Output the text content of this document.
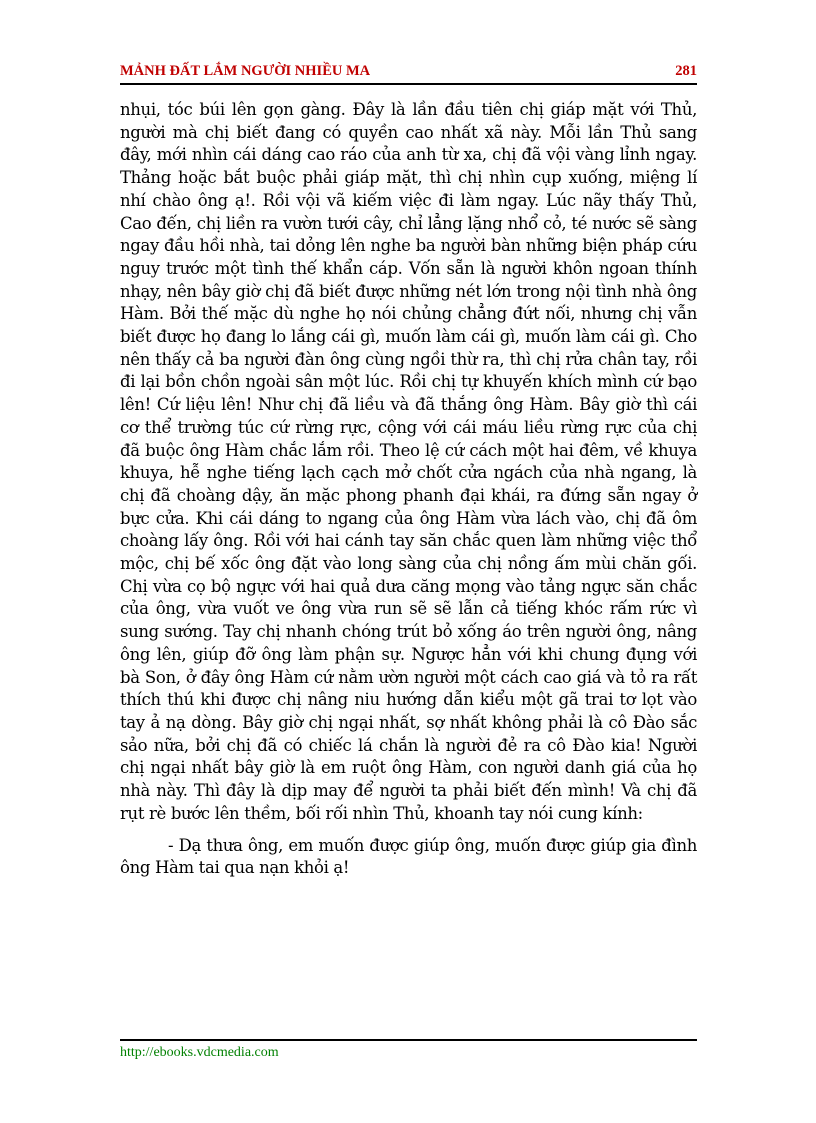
MẢNH ĐẤT LẮM NGƯỜI NHIỀU MA	281

nhụi, tóc búi lên gọn gàng. Đây là lần đầu tiên chị giáp mặt với Thủ, người mà chị biết đang có quyền cao nhất xã này. Mỗi lần Thủ sang đây, mới nhìn cái dáng cao ráo của anh từ xa, chị đã vội vàng lỉnh ngay. Thảng hoặc bắt buộc phải giáp mặt, thì chị nhìn cụp xuống, miệng lí nhí chào ông ạ!. Rồi vội vã kiếm việc đi làm ngay. Lúc nãy thấy Thủ, Cao đến, chị liền ra vườn tưới cây, chỉ lẳng lặng nhổ cỏ, té nước sẽ sàng ngay đầu hồi nhà, tai dỏng lên nghe ba người bàn những biện pháp cứu nguy trước một tình thế khẩn cáp. Vốn sẵn là người khôn ngoan thính nhạy, nên bây giờ chị đã biết được những nét lớn trong nội tình nhà ông Hàm. Bởi thế mặc dù nghe họ nói chủng chẳng đứt nối, nhưng chị vẫn biết được họ đang lo lắng cái gì, muốn làm cái gì, muốn làm cái gì. Cho nên thấy cả ba người đàn ông cùng ngồi thừ ra, thì chị rửa chân tay, rồi đi lại bồn chồn ngoài sân một lúc. Rồi chị tự khuyến khích mình cứ bạo lên! Cứ liệu lên! Như chị đã liều và đã thắng ông Hàm. Bây giờ thì cái cơ thể trường túc cứ rừng rực, cộng với cái máu liều rừng rực của chị đã buộc ông Hàm chắc lắm rồi. Theo lệ cứ cách một hai đêm, về khuya khuya, hễ nghe tiếng lạch cạch mở chốt cửa ngách của nhà ngang, là chị đã choàng dậy, ăn mặc phong phanh đại khái, ra đứng sẵn ngay ở bực cửa. Khi cái dáng to ngang của ông Hàm vừa lách vào, chị đã ôm choàng lấy ông. Rồi với hai cánh tay săn chắc quen làm những việc thổ mộc, chị bế xốc ông đặt vào long sàng của chị nồng ấm mùi chăn gối. Chị vừa cọ bộ ngực với hai quả dưa căng mọng vào tảng ngực săn chắc của ông, vừa vuốt ve ông vừa run sẽ sẽ lẫn cả tiếng khóc rấm rức vì sung sướng. Tay chị nhanh chóng trút bỏ xống áo trên người ông, nâng ông lên, giúp đỡ ông làm phận sự. Ngược hẳn với khi chung đụng với bà Son, ở đây ông Hàm cứ nằm ườn người một cách cao giá và tỏ ra rất thích thú khi được chị nâng niu hướng dẫn kiểu một gã trai tơ lọt vào tay ả nạ dòng. Bây giờ chị ngại nhất, sợ nhất không phải là cô Đào sắc sảo nữa, bởi chị đã có chiếc lá chắn là người đẻ ra cô Đào kia! Người chị ngại nhất bây giờ là em ruột ông Hàm, con người danh giá của họ nhà này. Thì đây là dịp may để người ta phải biết đến mình! Và chị đã rụt rè bước lên thềm, bối rối nhìn Thủ, khoanh tay nói cung kính:

- Dạ thưa ông, em muốn được giúp ông, muốn được giúp gia đình ông Hàm tai qua nạn khỏi ạ!

http://ebooks.vdcmedia.com
